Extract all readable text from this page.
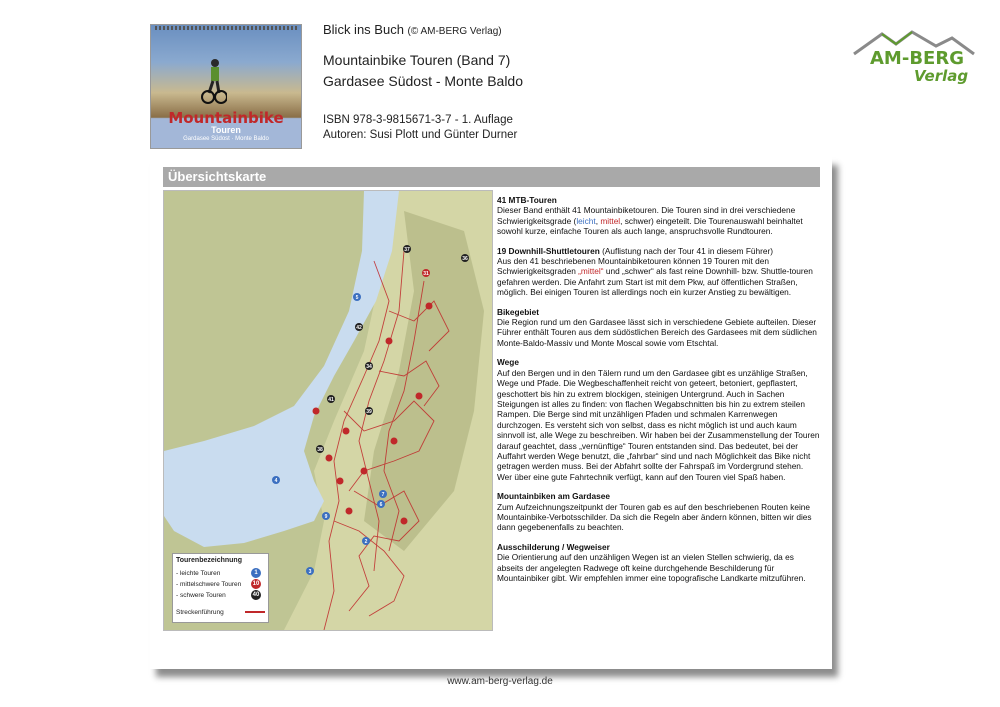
Mountainbike
Touren
Gardasee Südost · Monte Baldo
Blick ins Buch (© AM-BERG Verlag)
Mountainbike Touren (Band 7)
Gardasee Südost - Monte Baldo
ISBN 978-3-9815671-3-7 - 1. Auflage
Autoren: Susi Plott und Günter Durner
AM-BERG
Verlag
Übersichtskarte
37
36
31
5
42
34
41
39
38
4
7
6
9
2
3
Tourenbezeichnung
- leichte Touren	1
- mittelschwere Touren 10
- schwere Touren	40
Streckenführung
41 MTB-Touren
Dieser Band enthält 41 Mountainbiketouren. Die Touren sind in drei verschiedene Schwierigkeitsgrade (leicht, mittel, schwer) eingeteilt. Die Tourenauswahl beinhaltet sowohl kurze, einfache Touren als auch lange, anspruchsvolle Rundtouren.
19 Downhill-Shuttletouren (Auflistung nach der Tour 41 in diesem Führer)
Aus den 41 beschriebenen Mountainbiketouren können 19 Touren mit den Schwierigkeitsgraden „mittel“ und „schwer“ als fast reine Downhill- bzw. Shuttle-touren gefahren werden. Die Anfahrt zum Start ist mit dem Pkw, auf öffentlichen Straßen, möglich. Bei einigen Touren ist allerdings noch ein kurzer Anstieg zu bewältigen.
Bikegebiet
Die Region rund um den Gardasee lässt sich in verschiedene Gebiete aufteilen. Dieser Führer enthält Touren aus dem südöstlichen Bereich des Gardasees mit dem südlichen Monte-Baldo-Massiv und Monte Moscal sowie vom Etschtal.
Wege
Auf den Bergen und in den Tälern rund um den Gardasee gibt es unzählige Straßen, Wege und Pfade. Die Wegbeschaffenheit reicht von geteert, betoniert, gepflastert, geschottert bis hin zu extrem blockigen, steinigen Untergrund. Auch in Sachen Steigungen ist alles zu finden: von flachen Wegabschnitten bis hin zu extrem steilen Rampen. Die Berge sind mit unzähligen Pfaden und schmalen Karrenwegen durchzogen. Es versteht sich von selbst, dass es nicht möglich ist und auch kaum sinnvoll ist, alle Wege zu beschreiben. Wir haben bei der Zusammenstellung der Touren darauf geachtet, dass „vernünftige“ Touren entstanden sind. Das bedeutet, bei der Auffahrt werden Wege benutzt, die „fahrbar“ sind und nach Möglichkeit das Bike nicht getragen werden muss. Bei der Abfahrt sollte der Fahrspaß im Vordergrund stehen. Wer über eine gute Fahrtechnik verfügt, kann auf den Touren viel Spaß haben.
Mountainbiken am Gardasee
Zum Aufzeichnungszeitpunkt der Touren gab es auf den beschriebenen Routen keine Mountainbike-Verbotsschilder. Da sich die Regeln aber ändern können, bitten wir dies dann gegebenenfalls zu beachten.
Ausschilderung / Wegweiser
Die Orientierung auf den unzähligen Wegen ist an vielen Stellen schwierig, da es abseits der angelegten Radwege oft keine durchgehende Beschilderung für Mountainbiker gibt. Wir empfehlen immer eine topografische Landkarte mitzuführen.
www.am-berg-verlag.de
